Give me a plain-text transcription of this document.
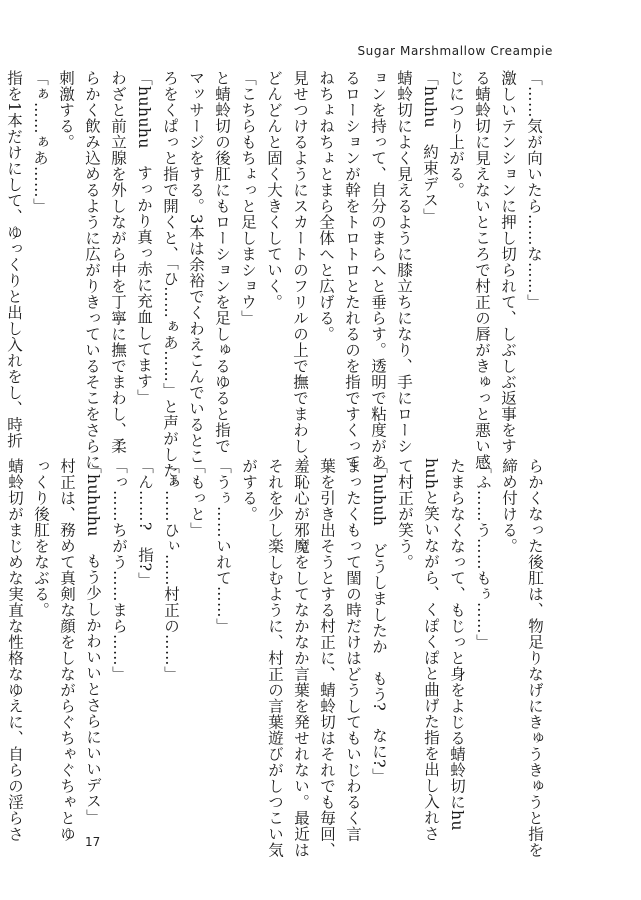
Sugar Marshmallow Creampie

「……気が向いたら……な……」

激しいテンションに押し切られて、しぶしぶ返事をす

る蜻蛉切に見えないところで村正の唇がきゅっと悪い感

じにつり上がる。

「huhu　約束デス」

蜻蛉切によく見えるように膝立ちになり、手にローシ

ョンを持って、自分のまらへと垂らす。透明で粘度があ

るローションが幹をトロトロとたれるのを指ですくって

ねちょねちょとまら全体へと広げる。

見せつけるようにスカートのフリルの上で撫でまわし、

どんどんと固く大きくしていく。

「こちらもちょっと足しまショウ」

と蜻蛉切の後肛にもローションを足しゅるゆると指で

マッサージをする。3本は余裕でくわえこんでいるとこ

ろをくぱっと指で開くと、「ひ……ぁあ……」と声がした。

「huhuhu　すっかり真っ赤に充血してます」

わざと前立腺を外しながら中を丁寧に撫でまわし、柔

らかく飲み込めるように広がりきっているそこをさらに

刺激する。

「ぁ……ぁあ……」

指を1本だけにして、ゆっくりと出し入れをし、時折

らかくなった後肛は、物足りなげにきゅうきゅうと指を

締め付ける。

「ふ……う……もぅ……」

たまらなくなって、もじっと身をよじる蜻蛉切にhu

huhと笑いながら、くぽくぽと曲げた指を出し入れさ

て村正が笑う。

「huhuh　どうしましたか　もう?　なに?」

まったくもって閨の時だけはどうしてもいじわるく言

葉を引き出そうとする村正に、蜻蛉切はそれでも毎回、

羞恥心が邪魔をしてなかなか言葉を発せれない。最近は

それを少し楽しむように、村正の言葉遊びがしつこい気

がする。

「うぅ……いれて……」

「もっと」

「ぁ……ひぃ……村正の……」

「ん……?　指?」

「っ……ちがう……まら……」

「huhuhu　もう少しかわいいとさらにいいデス」

村正は、務めて真剣な顔をしながらぐちゃぐちゃとゆ

っくり後肛をなぶる。

蜻蛉切がまじめな実直な性格なゆえに、自らの淫らさ	17
